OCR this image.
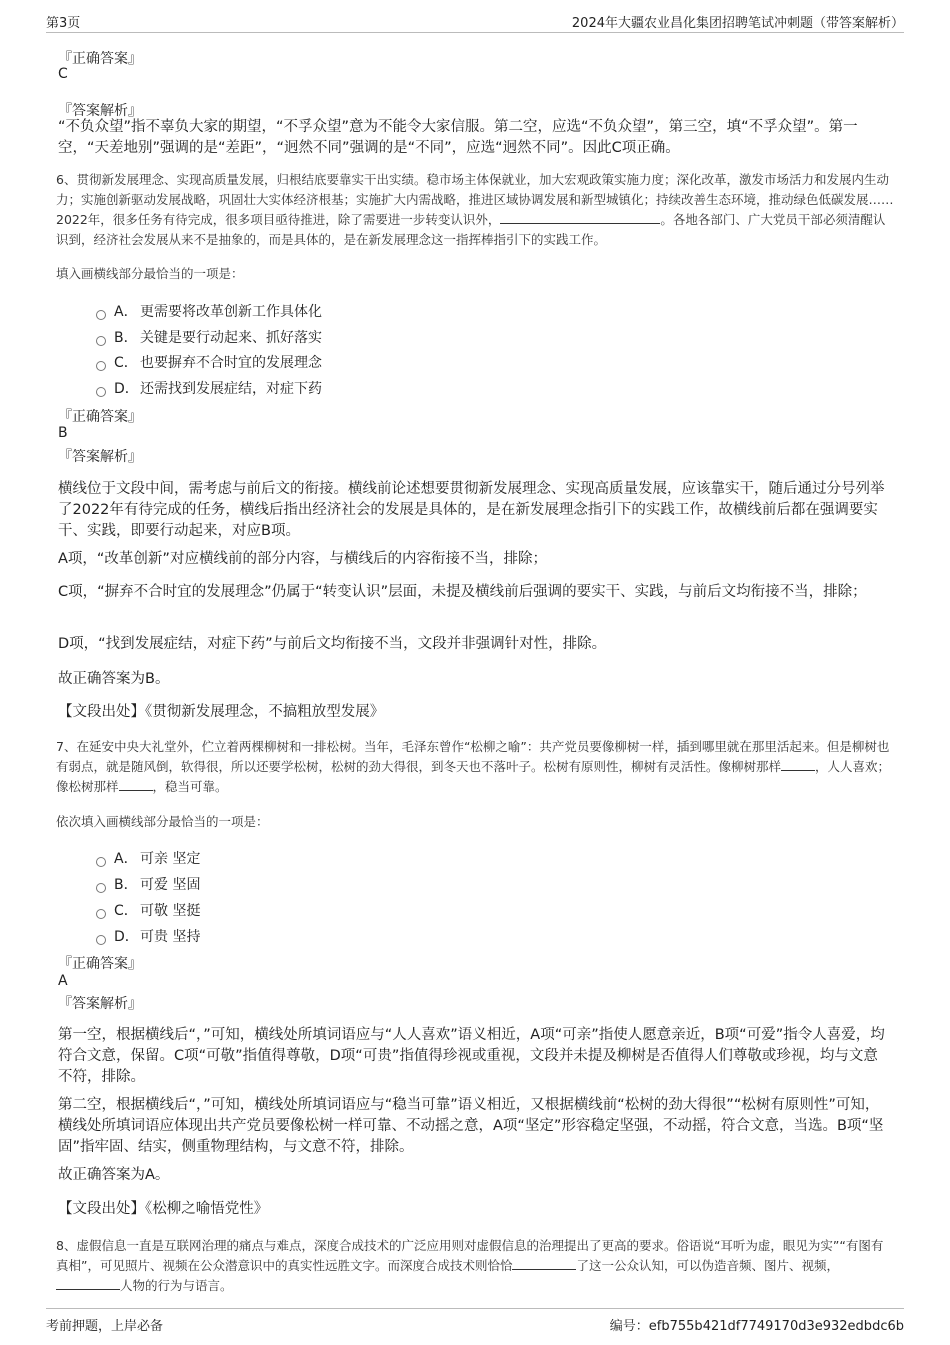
第3页	2024年大疆农业昌化集团招聘笔试冲刺题（带答案解析）

『正确答案』

C

『答案解析』

“不负众望”指不辜负大家的期望，“不孚众望”意为不能令大家信服。第二空，应选“不负众望”，第三空，填“不孚众望”。第一空，“天差地别”强调的是“差距”，“迥然不同”强调的是“不同”，应选“迥然不同”。因此C项正确。

6、贯彻新发展理念、实现高质量发展，归根结底要靠实干出实绩。稳市场主体保就业，加大宏观政策实施力度；深化改革，激发市场活力和发展内生动力；实施创新驱动发展战略，巩固壮大实体经济根基；实施扩大内需战略，推进区域协调发展和新型城镇化；持续改善生态环境，推动绿色低碳发展……2022年，很多任务有待完成，很多项目亟待推进，除了需要进一步转变认识外，	。各地各部门、广大党员干部必须清醒认识到，经济社会发展从来不是抽象的，而是具体的，是在新发展理念这一指挥棒指引下的实践工作。

填入画横线部分最恰当的一项是：

A． 更需要将改革创新工作具体化
B． 关键是要行动起来、抓好落实
C． 也要摒弃不合时宜的发展理念
D．还需找到发展症结，对症下药

『正确答案』

B

『答案解析』

横线位于文段中间，需考虑与前后文的衔接。横线前论述想要贯彻新发展理念、实现高质量发展，应该靠实干，随后通过分号列举了2022年有待完成的任务，横线后指出经济社会的发展是具体的，是在新发展理念指引下的实践工作，故横线前后都在强调要实干、实践，即要行动起来，对应B项。

A项，“改革创新”对应横线前的部分内容，与横线后的内容衔接不当，排除；

C项，“摒弃不合时宜的发展理念”仍属于“转变认识”层面，未提及横线前后强调的要实干、实践，与前后文均衔接不当，排除；

D项，“找到发展症结，对症下药”与前后文均衔接不当，文段并非强调针对性，排除。

故正确答案为B。

【文段出处】《贯彻新发展理念，不搞粗放型发展》

7、在延安中央大礼堂外，伫立着两棵柳树和一排松树。当年，毛泽东曾作“松柳之喻”：共产党员要像柳树一样，插到哪里就在那里活起来。但是柳树也有弱点，就是随风倒，软得很，所以还要学松树，松树的劲大得很，到冬天也不落叶子。松树有原则性，柳树有灵活性。像柳树那样	，人人喜欢；像松树那样	，稳当可靠。

依次填入画横线部分最恰当的一项是：

A． 可亲 坚定
B． 可爱 坚固
C． 可敬 坚挺
D．可贵 坚持

『正确答案』

A

『答案解析』

第一空，根据横线后“，”可知，横线处所填词语应与“人人喜欢”语义相近，A项“可亲”指使人愿意亲近，B项“可爱”指令人喜爱，均符合文意，保留。C项“可敬”指值得尊敬，D项“可贵”指值得珍视或重视，文段并未提及柳树是否值得人们尊敬或珍视，均与文意不符，排除。

第二空，根据横线后“，”可知，横线处所填词语应与“稳当可靠”语义相近，又根据横线前“松树的劲大得很”“松树有原则性”可知，横线处所填词语应体现出共产党员要像松树一样可靠、不动摇之意，A项“坚定”形容稳定坚强，不动摇，符合文意，当选。B项“坚固”指牢固、结实，侧重物理结构，与文意不符，排除。

故正确答案为A。

【文段出处】《松柳之喻悟党性》

8、虚假信息一直是互联网治理的痛点与难点，深度合成技术的广泛应用则对虚假信息的治理提出了更高的要求。俗语说“耳听为虚，眼见为实”“有图有真相”，可见照片、视频在公众潜意识中的真实性远胜文字。而深度合成技术则恰恰	了这一公众认知，可以伪造音频、图片、视频，人物的行为与语言。

考前押题，上岸必备	编号：efb755b421df7749170d3e932edbdc6b
